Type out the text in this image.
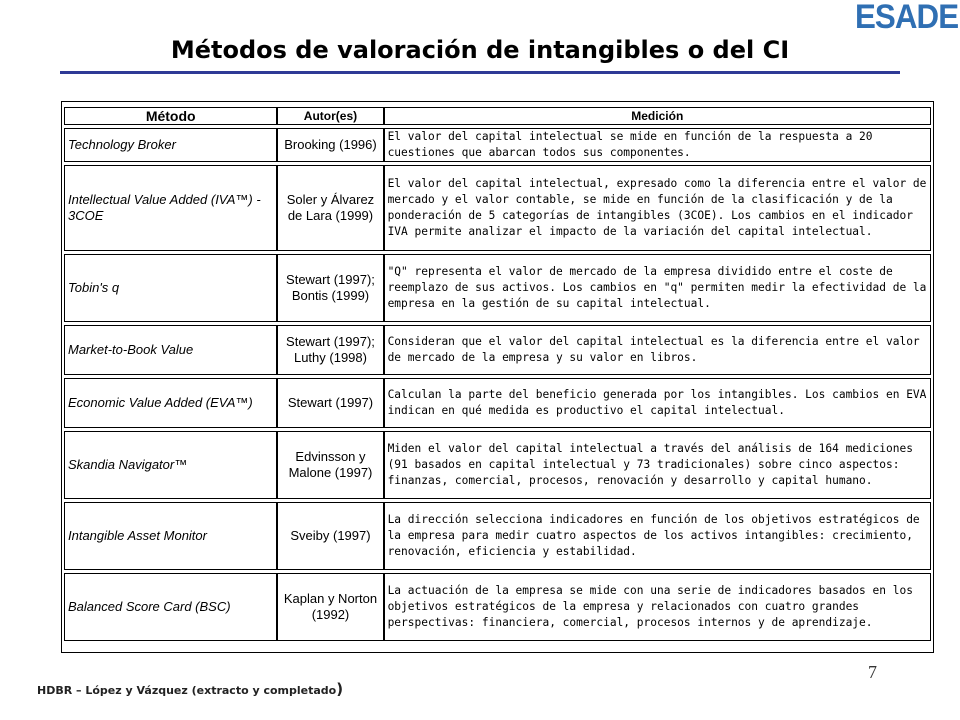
ESADE
Métodos de valoración de intangibles o del CI
Método	Autor(es)	Medición
Technology Broker	Brooking (1996)	El valor del capital intelectual se mide en función de la respuesta a 20 cuestiones que abarcan todos sus componentes.
Intellectual Value Added (IVA™) - 3COE	Soler y Álvarez de Lara (1999)	El valor del capital intelectual, expresado como la diferencia entre el valor de mercado y el valor contable, se mide en función de la clasificación y de la ponderación de 5 categorías de intangibles (3COE). Los cambios en el indicador IVA permite analizar el impacto de la variación del capital intelectual.
Tobin's q	Stewart (1997); Bontis (1999)	"Q" representa el valor de mercado de la empresa dividido entre el coste de reemplazo de sus activos. Los cambios en "q" permiten medir la efectividad de la empresa en la gestión de su capital intelectual.
Market-to-Book Value	Stewart (1997); Luthy (1998)	Consideran que el valor del capital intelectual es la diferencia entre el valor de mercado de la empresa y su valor en libros.
Economic Value Added (EVA™)	Stewart (1997)	Calculan la parte del beneficio generada por los intangibles. Los cambios en EVA indican en qué medida es productivo el capital intelectual.
Skandia Navigator™	Edvinsson y Malone (1997)	Miden el valor del capital intelectual a través del análisis de 164 mediciones (91 basados en capital intelectual y 73 tradicionales) sobre cinco aspectos: finanzas, comercial, procesos, renovación y desarrollo y capital humano.
Intangible Asset Monitor	Sveiby (1997)	La dirección selecciona indicadores en función de los objetivos estratégicos de la empresa para medir cuatro aspectos de los activos intangibles: crecimiento, renovación, eficiencia y estabilidad.
Balanced Score Card (BSC)	Kaplan y Norton (1992)	La actuación de la empresa se mide con una serie de indicadores basados en los objetivos estratégicos de la empresa y relacionados con cuatro grandes perspectivas: financiera, comercial, procesos internos y de aprendizaje.
7
HDBR – López y Vázquez (extracto y completado)
